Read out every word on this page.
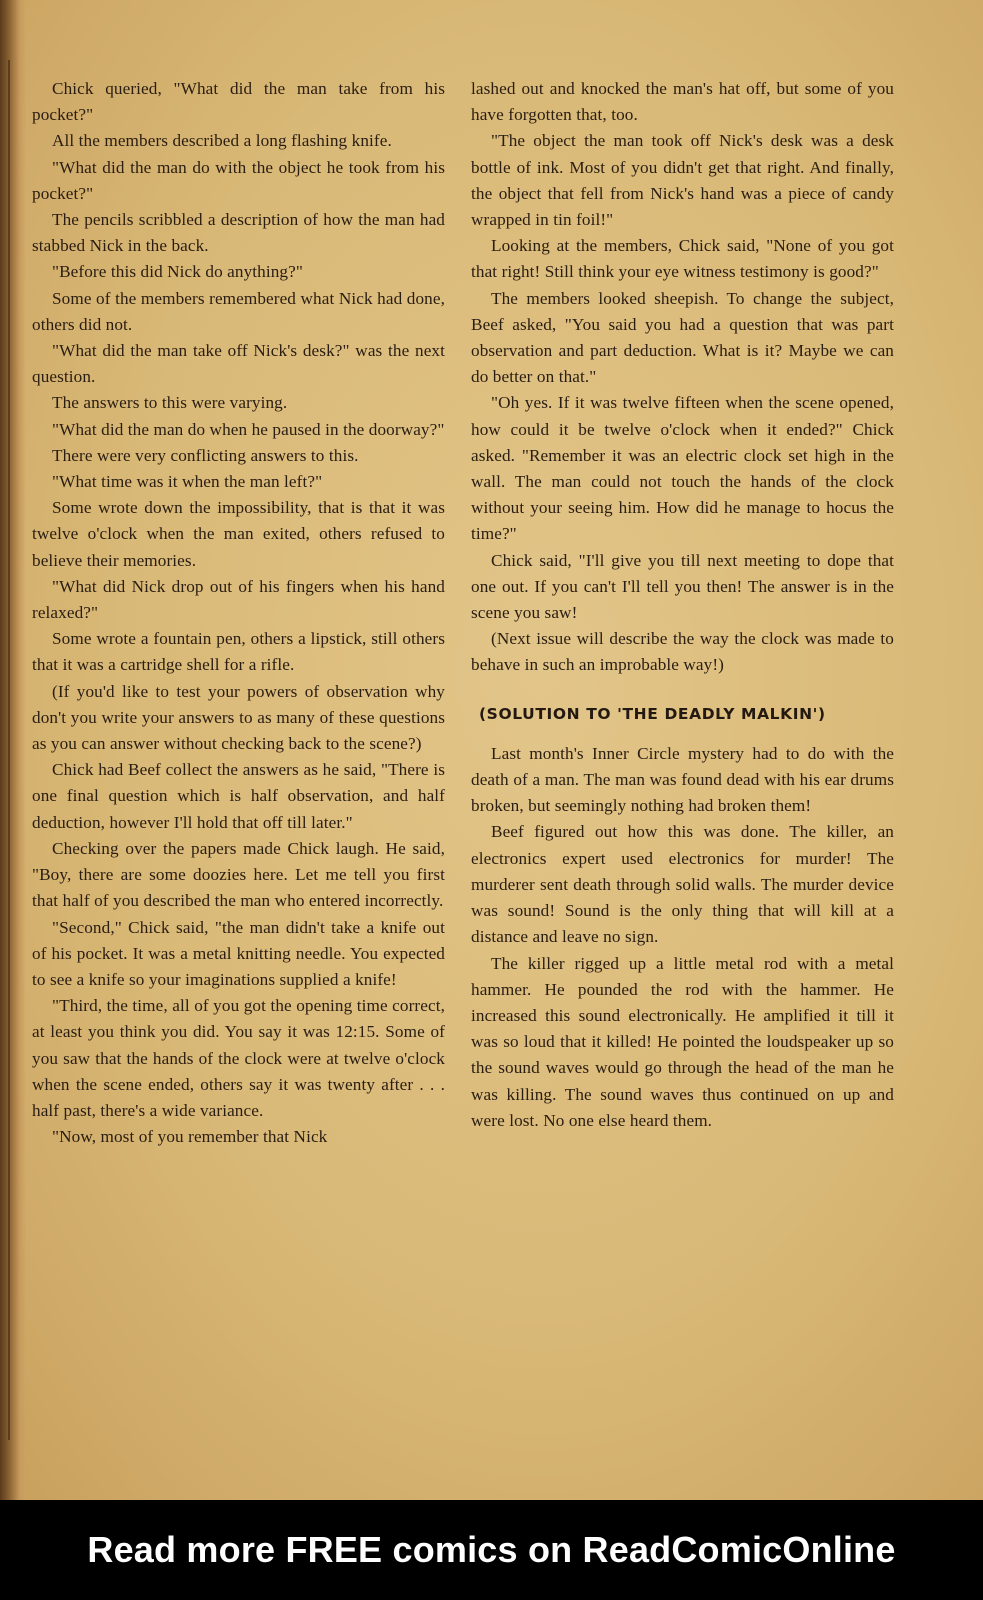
Chick queried, "What did the man take from his pocket?"

All the members described a long flashing knife.

"What did the man do with the object he took from his pocket?"

The pencils scribbled a description of how the man had stabbed Nick in the back.

"Before this did Nick do anything?"

Some of the members remembered what Nick had done, others did not.

"What did the man take off Nick's desk?" was the next question.

The answers to this were varying.

"What did the man do when he paused in the doorway?"

There were very conflicting answers to this.

"What time was it when the man left?"

Some wrote down the impossibility, that is that it was twelve o'clock when the man exited, others refused to believe their memories.

"What did Nick drop out of his fingers when his hand relaxed?"

Some wrote a fountain pen, others a lipstick, still others that it was a cartridge shell for a rifle.

(If you'd like to test your powers of observation why don't you write your answers to as many of these questions as you can answer without checking back to the scene?)

Chick had Beef collect the answers as he said, "There is one final question which is half observation, and half deduction, however I'll hold that off till later."

Checking over the papers made Chick laugh. He said, "Boy, there are some doozies here. Let me tell you first that half of you described the man who entered incorrectly.

"Second," Chick said, "the man didn't take a knife out of his pocket. It was a metal knitting needle. You expected to see a knife so your imaginations supplied a knife!

"Third, the time, all of you got the opening time correct, at least you think you did. You say it was 12:15. Some of you saw that the hands of the clock were at twelve o'clock when the scene ended, others say it was twenty after . . . half past, there's a wide variance.

"Now, most of you remember that Nick

lashed out and knocked the man's hat off, but some of you have forgotten that, too.

"The object the man took off Nick's desk was a desk bottle of ink. Most of you didn't get that right. And finally, the object that fell from Nick's hand was a piece of candy wrapped in tin foil!"

Looking at the members, Chick said, "None of you got that right! Still think your eye witness testimony is good?"

The members looked sheepish. To change the subject, Beef asked, "You said you had a question that was part observation and part deduction. What is it? Maybe we can do better on that."

"Oh yes. If it was twelve fifteen when the scene opened, how could it be twelve o'clock when it ended?" Chick asked. "Remember it was an electric clock set high in the wall. The man could not touch the hands of the clock without your seeing him. How did he manage to hocus the time?"

Chick said, "I'll give you till next meeting to dope that one out. If you can't I'll tell you then! The answer is in the scene you saw!

(Next issue will describe the way the clock was made to behave in such an improbable way!)

(SOLUTION TO 'THE DEADLY MALKIN')

Last month's Inner Circle mystery had to do with the death of a man. The man was found dead with his ear drums broken, but seemingly nothing had broken them!

Beef figured out how this was done. The killer, an electronics expert used electronics for murder! The murderer sent death through solid walls. The murder device was sound! Sound is the only thing that will kill at a distance and leave no sign.

The killer rigged up a little metal rod with a metal hammer. He pounded the rod with the hammer. He increased this sound electronically. He amplified it till it was so loud that it killed! He pointed the loudspeaker up so the sound waves would go through the head of the man he was killing. The sound waves thus continued on up and were lost. No one else heard them.

Read more FREE comics on ReadComicOnline
